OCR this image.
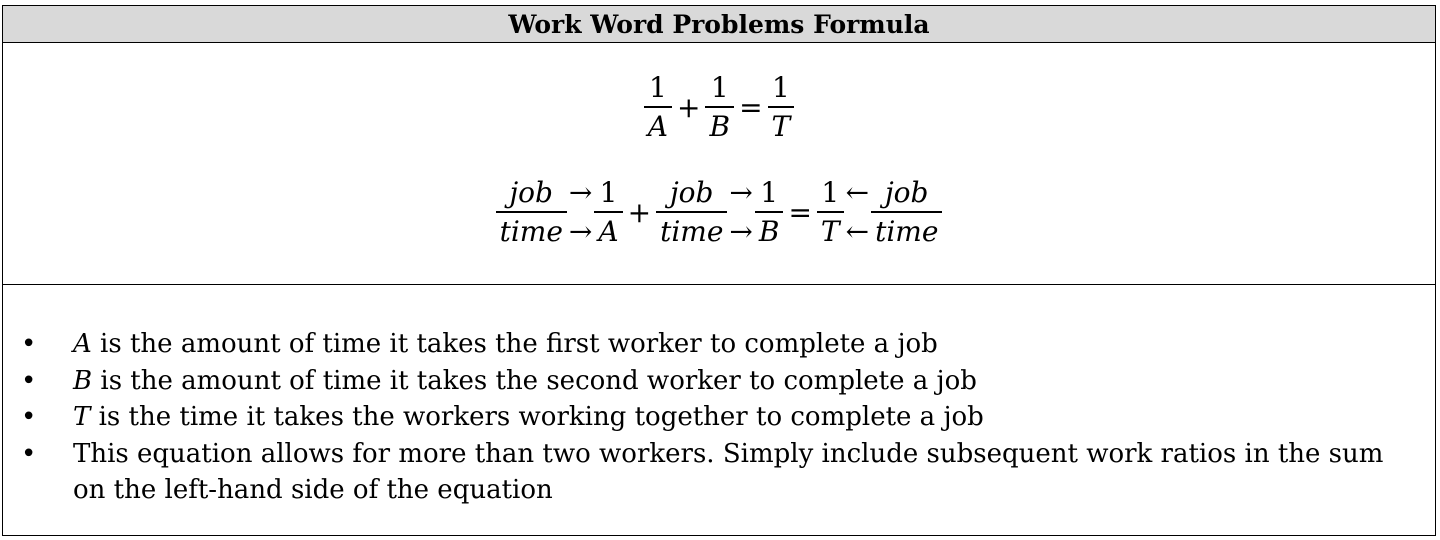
Work Word Problems Formula
$\frac{1}{A} + \frac{1}{B} = \frac{1}{T}$
$\frac{\text{job}}{\text{time}}$ →
→ $\frac{1}{A} + \frac{\text{job}}{\text{time}}$ →
→ $\frac{1}{B} = \frac{1}{T}$ ←
← $\frac{\text{job}}{\text{time}}$
•	A is the amount of time it takes the first worker to complete a job
•	B is the amount of time it takes the second worker to complete a job
•	T is the time it takes the workers working together to complete a job
•	This equation allows for more than two workers. Simply include subsequent work ratios in the sum on the left-hand side of the equation
